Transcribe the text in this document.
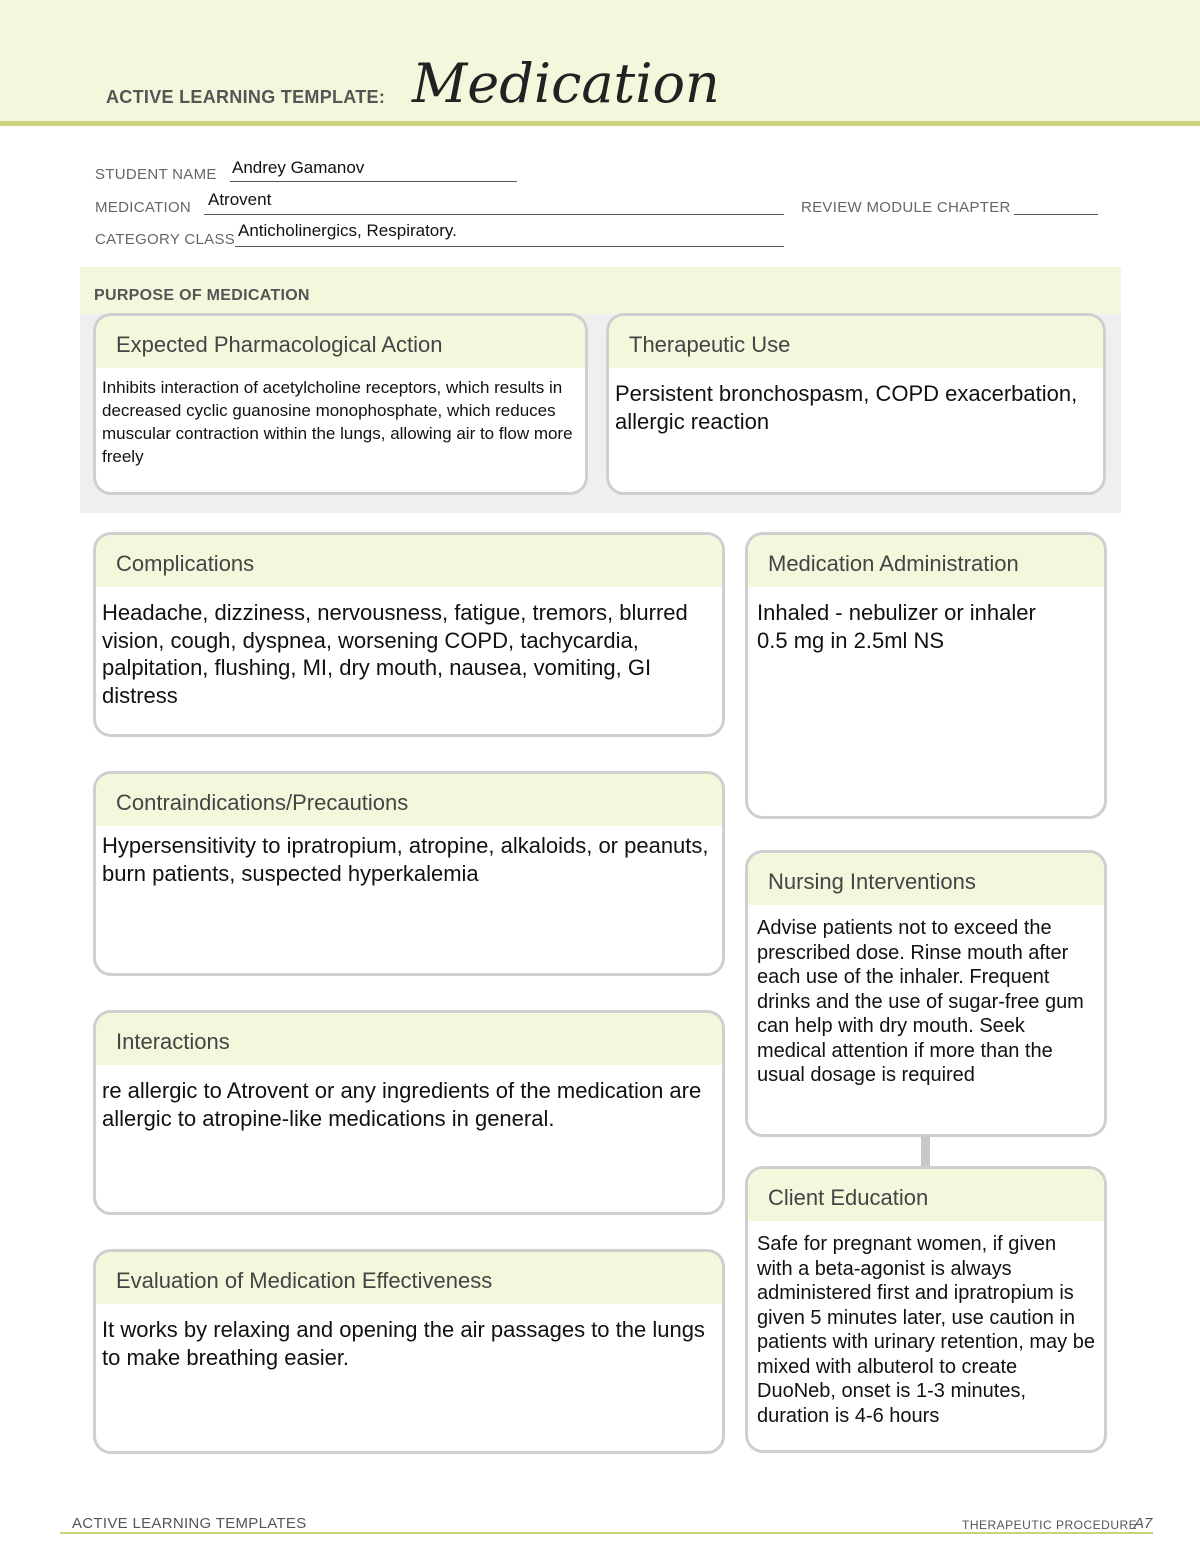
ACTIVE LEARNING TEMPLATE: Medication
STUDENT NAME Andrey Gamanov
MEDICATION Atrovent	REVIEW MODULE CHAPTER
CATEGORY CLASS Anticholinergics, Respiratory.
PURPOSE OF MEDICATION
Expected Pharmacological Action
Inhibits interaction of acetylcholine receptors, which results in decreased cyclic guanosine monophosphate, which reduces muscular contraction within the lungs, allowing air to flow more freely
Therapeutic Use
Persistent bronchospasm, COPD exacerbation, allergic reaction
Complications
Headache, dizziness, nervousness, fatigue, tremors, blurred vision, cough, dyspnea, worsening COPD, tachycardia, palpitation, flushing, MI, dry mouth, nausea, vomiting, GI distress
Contraindications/Precautions
Hypersensitivity to ipratropium, atropine, alkaloids, or peanuts, burn patients, suspected hyperkalemia
Interactions
re allergic to Atrovent or any ingredients of the medication are allergic to atropine-like medications in general.
Evaluation of Medication Effectiveness
It works by relaxing and opening the air passages to the lungs to make breathing easier.
Medication Administration
Inhaled - nebulizer or inhaler
0.5 mg in 2.5ml NS
Nursing Interventions
Advise patients not to exceed the prescribed dose. Rinse mouth after each use of the inhaler. Frequent drinks and the use of sugar-free gum can help with dry mouth. Seek medical attention if more than the usual dosage is required
Client Education
Safe for pregnant women, if given with a beta-agonist is always administered first and ipratropium is given 5 minutes later, use caution in patients with urinary retention, may be mixed with albuterol to create DuoNeb, onset is 1-3 minutes, duration is 4-6 hours
ACTIVE LEARNING TEMPLATES	THERAPEUTIC PROCEDURE
A7
